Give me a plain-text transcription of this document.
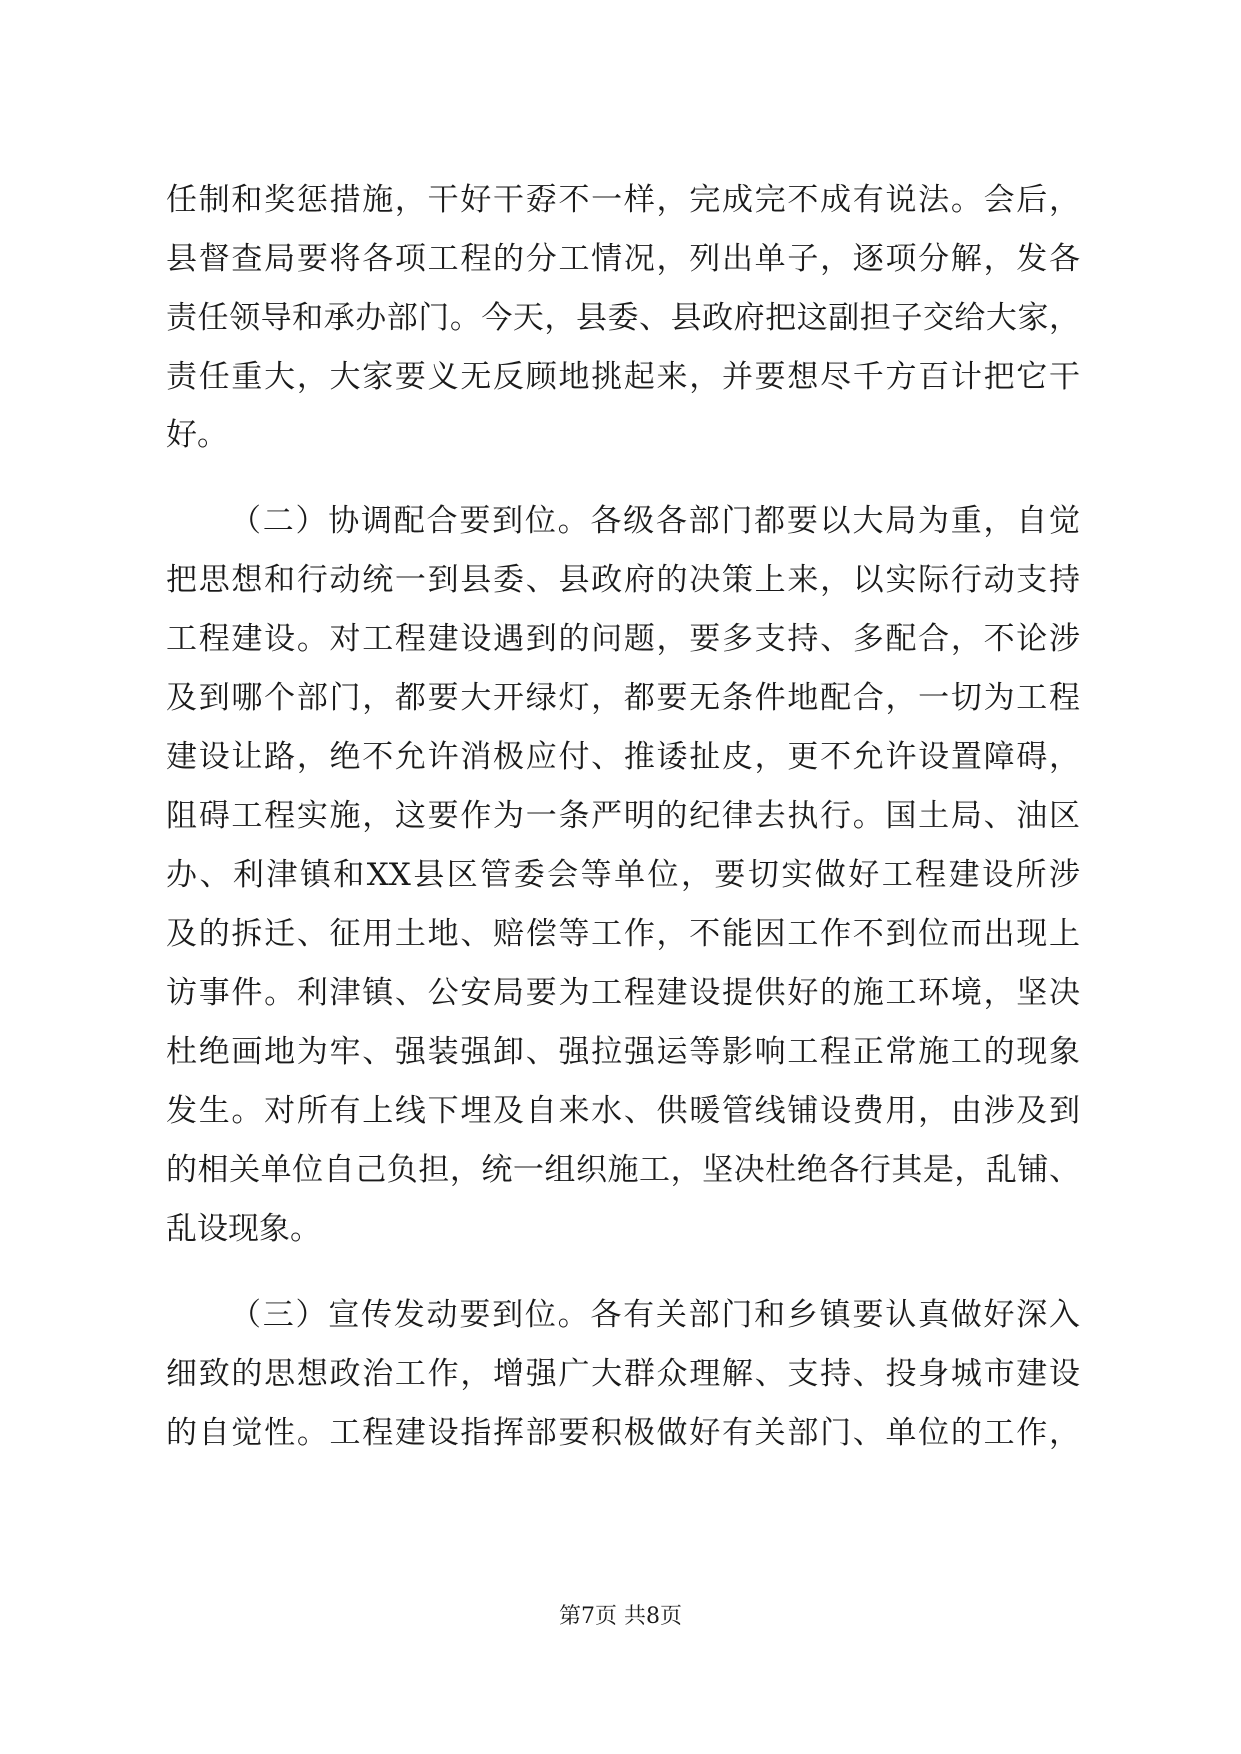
任制和奖惩措施，干好干孬不一样，完成完不成有说法。会后，
县督查局要将各项工程的分工情况，列出单子，逐项分解，发各
责任领导和承办部门。今天，县委、县政府把这副担子交给大家，
责任重大，大家要义无反顾地挑起来，并要想尽千方百计把它干
好。
（二）协调配合要到位。各级各部门都要以大局为重，自觉
把思想和行动统一到县委、县政府的决策上来，以实际行动支持
工程建设。对工程建设遇到的问题，要多支持、多配合，不论涉
及到哪个部门，都要大开绿灯，都要无条件地配合，一切为工程
建设让路，绝不允许消极应付、推诿扯皮，更不允许设置障碍，
阻碍工程实施，这要作为一条严明的纪律去执行。国土局、油区
办、利津镇和XX县区管委会等单位，要切实做好工程建设所涉
及的拆迁、征用土地、赔偿等工作，不能因工作不到位而出现上
访事件。利津镇、公安局要为工程建设提供好的施工环境，坚决
杜绝画地为牢、强装强卸、强拉强运等影响工程正常施工的现象
发生。对所有上线下埋及自来水、供暖管线铺设费用，由涉及到
的相关单位自己负担，统一组织施工，坚决杜绝各行其是，乱铺、
乱设现象。
（三）宣传发动要到位。各有关部门和乡镇要认真做好深入
细致的思想政治工作，增强广大群众理解、支持、投身城市建设
的自觉性。工程建设指挥部要积极做好有关部门、单位的工作，
第7页 共8页
